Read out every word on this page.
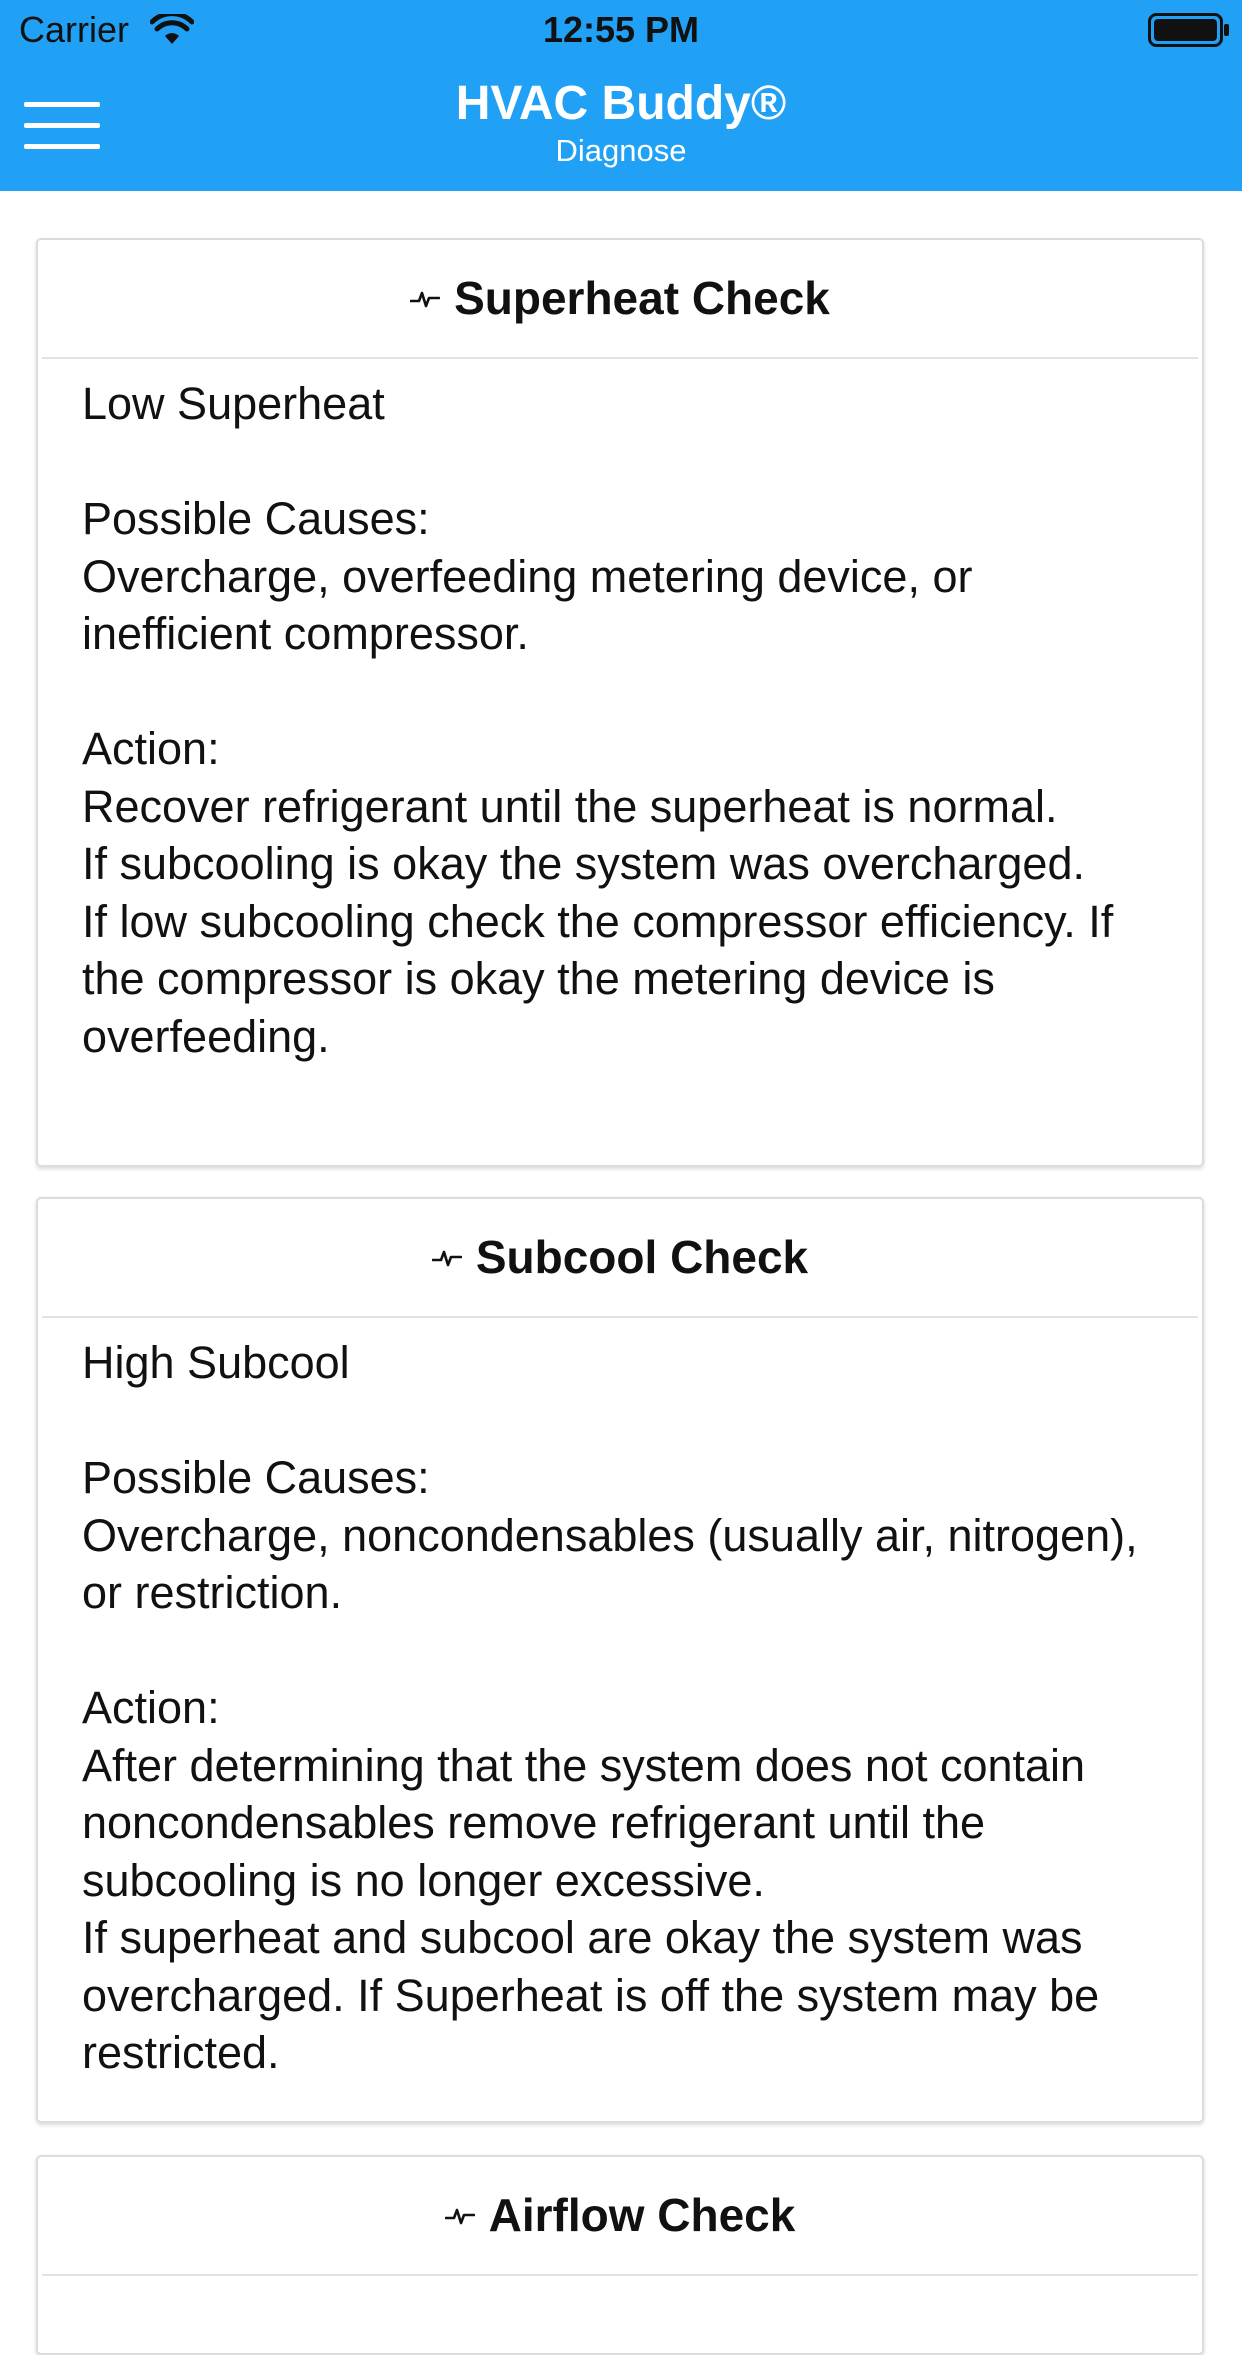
Carrier	12:55 PM
HVAC Buddy®
Diagnose
Superheat Check
Low Superheat

Possible Causes:
Overcharge, overfeeding metering device, or inefficient compressor.

Action:
Recover refrigerant until the superheat is normal.
If subcooling is okay the system was overcharged.
If low subcooling check the compressor efficiency. If the compressor is okay the metering device is overfeeding.
Subcool Check
High Subcool

Possible Causes:
Overcharge, noncondensables (usually air, nitrogen), or restriction.

Action:
After determining that the system does not contain noncondensables remove refrigerant until the subcooling is no longer excessive.
If superheat and subcool are okay the system was overcharged. If Superheat is off the system may be restricted.
Airflow Check
